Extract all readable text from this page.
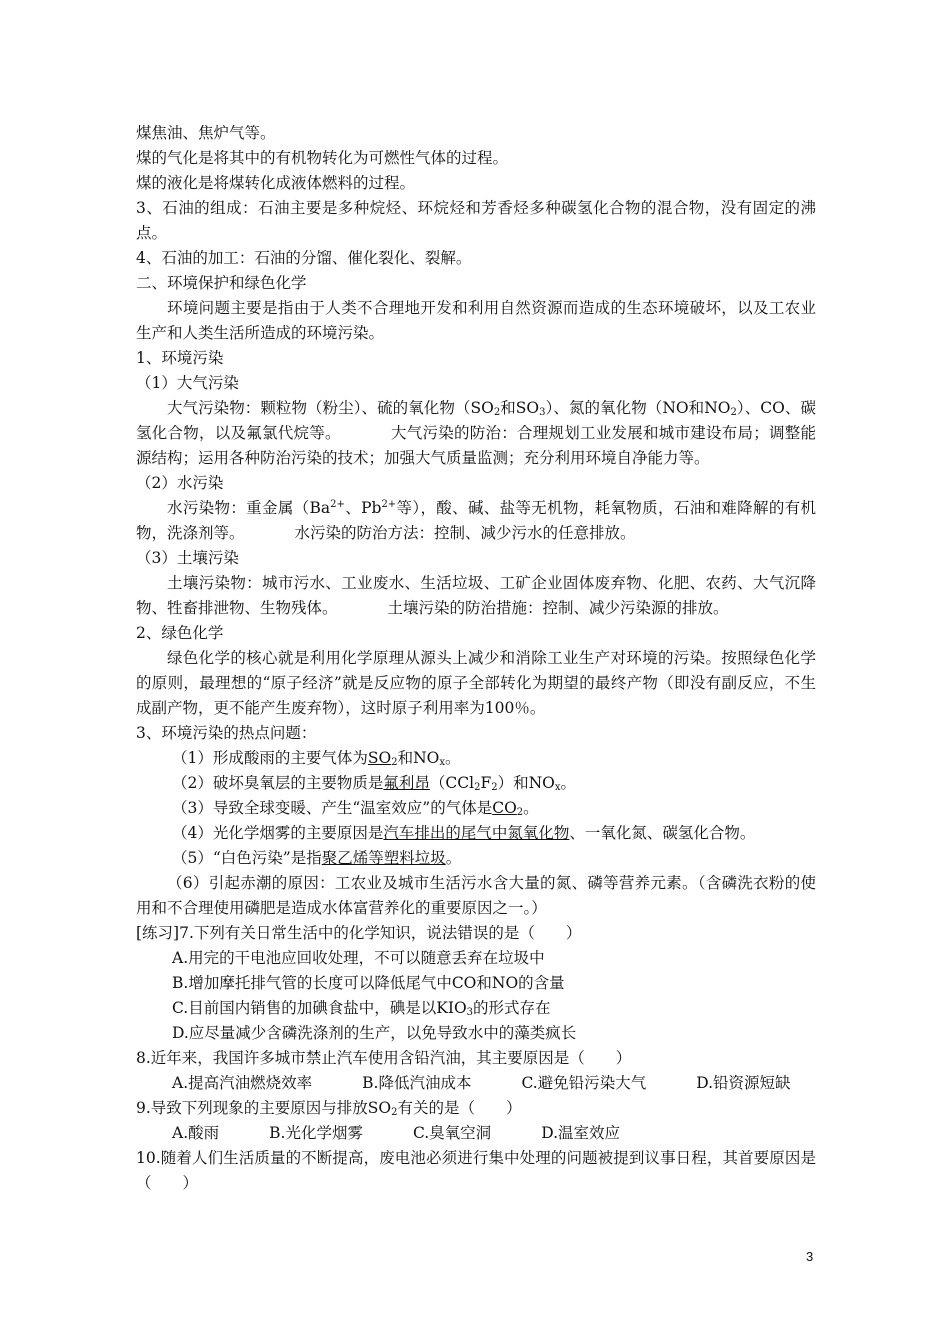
煤焦油、焦炉气等。

煤的气化是将其中的有机物转化为可燃性气体的过程。

煤的液化是将煤转化成液体燃料的过程。

3、石油的组成：石油主要是多种烷烃、环烷烃和芳香烃多种碳氢化合物的混合物，没有固定的沸点。

4、石油的加工：石油的分馏、催化裂化、裂解。

二、环境保护和绿色化学

环境问题主要是指由于人类不合理地开发和利用自然资源而造成的生态环境破坏，以及工农业生产和人类生活所造成的环境污染。

1、环境污染

（1）大气污染

大气污染物：颗粒物（粉尘）、硫的氧化物（$SO_2$和$SO_3$）、氮的氧化物（NO和$NO_2$）、CO、碳氢化合物，以及氟氯代烷等。	大气污染的防治：合理规划工业发展和城市建设布局；调整能源结构；运用各种防治污染的技术；加强大气质量监测；充分利用环境自净能力等。

（2）水污染

水污染物：重金属（$Ba^{2+}$、$Pb^{2+}$等），酸、碱、盐等无机物，耗氧物质，石油和难降解的有机物，洗涤剂等。	水污染的防治方法：控制、减少污水的任意排放。

（3）土壤污染

土壤污染物：城市污水、工业废水、生活垃圾、工矿企业固体废弃物、化肥、农药、大气沉降物、牲畜排泄物、生物残体。	土壤污染的防治措施：控制、减少污染源的排放。

2、绿色化学

绿色化学的核心就是利用化学原理从源头上减少和消除工业生产对环境的污染。按照绿色化学的原则，最理想的“原子经济”就是反应物的原子全部转化为期望的最终产物（即没有副反应，不生成副产物，更不能产生废弃物），这时原子利用率为100％。

3、环境污染的热点问题：

（1）形成酸雨的主要气体为$SO_2$和$NO_x$。

（2）破坏臭氧层的主要物质是氟利昂$(CCl_2F_2)$和$NO_x$。

（3）导致全球变暖、产生“温室效应”的气体是$CO_2$。

（4）光化学烟雾的主要原因是汽车排出的尾气中氮氧化物、一氧化氮、碳氢化合物。

（5）“白色污染”是指聚乙烯等塑料垃圾。

（6）引起赤潮的原因：工农业及城市生活污水含大量的氮、磷等营养元素。（含磷洗衣粉的使用和不合理使用磷肥是造成水体富营养化的重要原因之一。）

[练习]7.下列有关日常生活中的化学知识，说法错误的是（　　）

A.用完的干电池应回收处理，不可以随意丢弃在垃圾中

B.增加摩托排气管的长度可以降低尾气中CO和NO的含量

C.目前国内销售的加碘食盐中，碘是以$KIO_3$的形式存在

D.应尽量减少含磷洗涤剂的生产，以免导致水中的藻类疯长

8.近年来，我国许多城市禁止汽车使用含铅汽油，其主要原因是（　　）

A.提高汽油燃烧效率	B.降低汽油成本	C.避免铅污染大气	D.铅资源短缺

9.导致下列现象的主要原因与排放$SO_2$有关的是（　　）

A.酸雨	B.光化学烟雾	C.臭氧空洞	D.温室效应

10.随着人们生活质量的不断提高，废电池必须进行集中处理的问题被提到议事日程，其首要原因是（　　）

3
